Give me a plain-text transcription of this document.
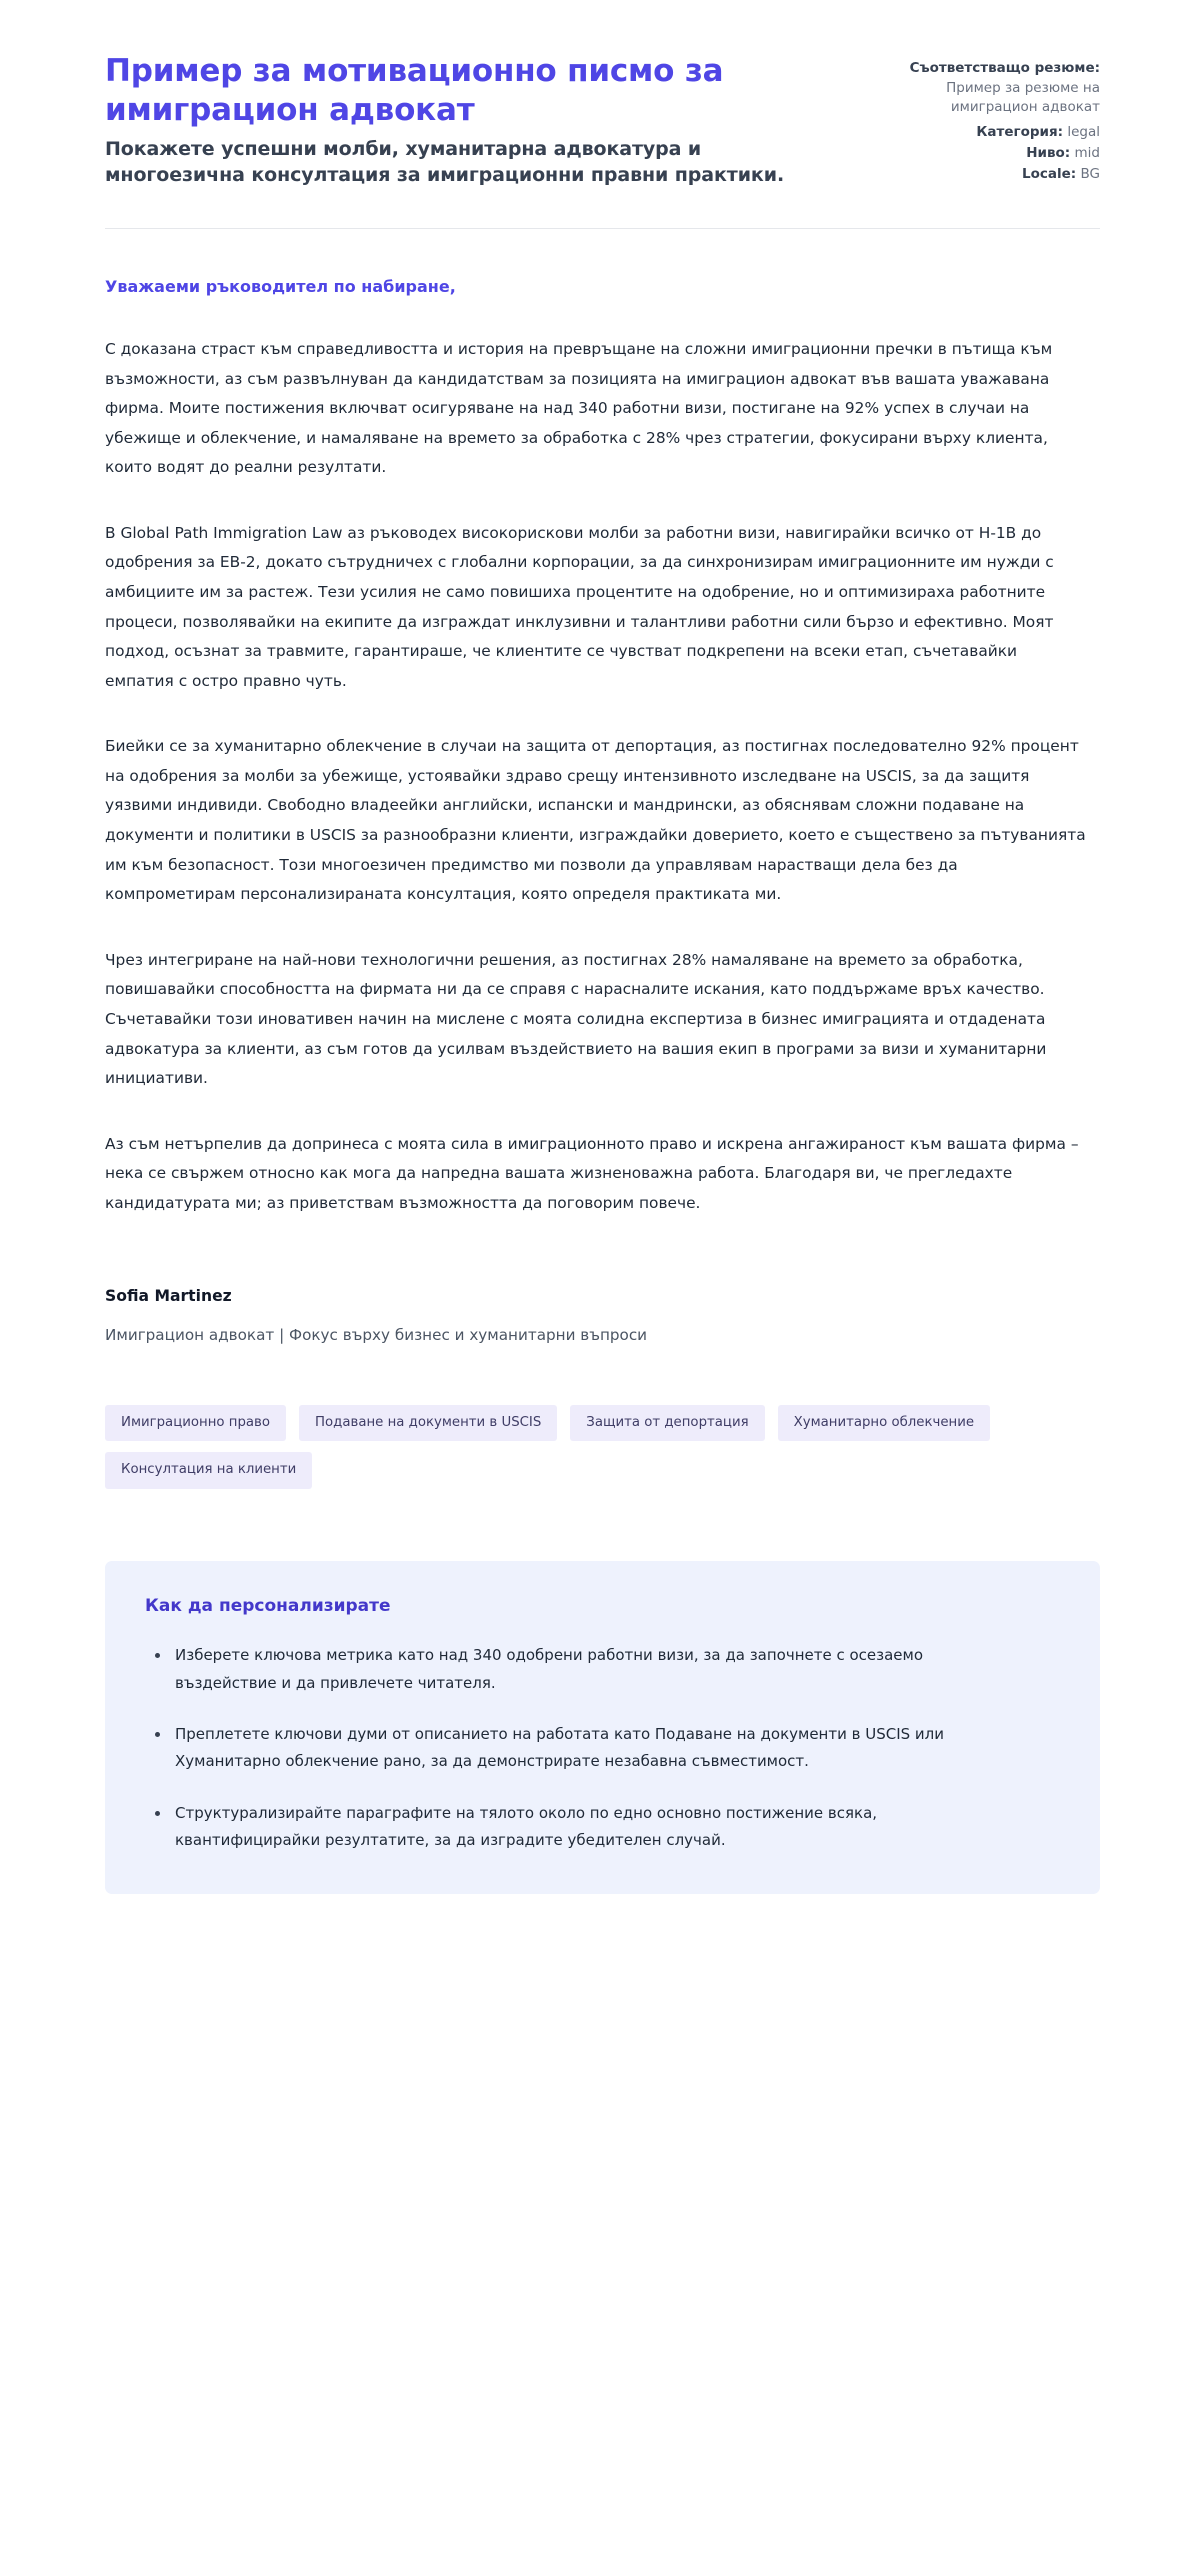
Пример за мотивационно писмо за имиграцион адвокат

Покажете успешни молби, хуманитарна адвокатура и многоезична консултация за имиграционни правни практики.

Съответстващо резюме:
Пример за резюме на имиграцион адвокат
Категория: legal
Ниво: mid
Locale: BG

Уважаеми ръководител по набиране,

С доказана страст към справедливостта и история на превръщане на сложни имиграционни пречки в пътища към възможности, аз съм развълнуван да кандидатствам за позицията на имиграцион адвокат във вашата уважавана фирма. Моите постижения включват осигуряване на над 340 работни визи, постигане на 92% успех в случаи на убежище и облекчение, и намаляване на времето за обработка с 28% чрез стратегии, фокусирани върху клиента, които водят до реални резултати.

В Global Path Immigration Law аз ръководех високорискови молби за работни визи, навигирайки всичко от H-1B до одобрения за EB-2, докато сътрудничех с глобални корпорации, за да синхронизирам имиграционните им нужди с амбициите им за растеж. Тези усилия не само повишиха процентите на одобрение, но и оптимизираха работните процеси, позволявайки на екипите да изграждат инклузивни и талантливи работни сили бързо и ефективно. Моят подход, осъзнат за травмите, гарантираше, че клиентите се чувстват подкрепени на всеки етап, съчетавайки емпатия с остро правно чуть.

Биейки се за хуманитарно облекчение в случаи на защита от депортация, аз постигнах последователно 92% процент на одобрения за молби за убежище, устоявайки здраво срещу интензивното изследване на USCIS, за да защитя уязвими индивиди. Свободно владеейки английски, испански и мандрински, аз обяснявам сложни подаване на документи и политики в USCIS за разнообразни клиенти, изграждайки доверието, което е съществено за пътуванията им към безопасност. Този многоезичен предимство ми позволи да управлявам нарастващи дела без да компрометирам персонализираната консултация, която определя практиката ми.

Чрез интегриране на най-нови технологични решения, аз постигнах 28% намаляване на времето за обработка, повишавайки способността на фирмата ни да се справя с нарасналите искания, като поддържаме връх качество. Съчетавайки този иновативен начин на мислене с моята солидна експертиза в бизнес имиграцията и отдадената адвокатура за клиенти, аз съм готов да усилвам въздействието на вашия екип в програми за визи и хуманитарни инициативи.

Аз съм нетърпелив да допринеса с моята сила в имиграционното право и искрена ангажираност към вашата фирма – нека се свържем относно как мога да напредна вашата жизненоважна работа. Благодаря ви, че прегледахте кандидатурата ми; аз приветствам възможността да поговорим повече.

Sofia Martinez

Имиграцион адвокат | Фокус върху бизнес и хуманитарни въпроси

Имиграционно право	Подаване на документи в USCIS	Защита от депортация	Хуманитарно облекчение
Консултация на клиенти
Как да персонализирате
Изберете ключова метрика като над 340 одобрени работни визи, за да започнете с осезаемо въздействие и да привлечете читателя.
Преплетете ключови думи от описанието на работата като Подаване на документи в USCIS или Хуманитарно облекчение рано, за да демонстрирате незабавна съвместимост.
Структурализирайте параграфите на тялото около по едно основно постижение всяка, квантифицирайки резултатите, за да изградите убедителен случай.
